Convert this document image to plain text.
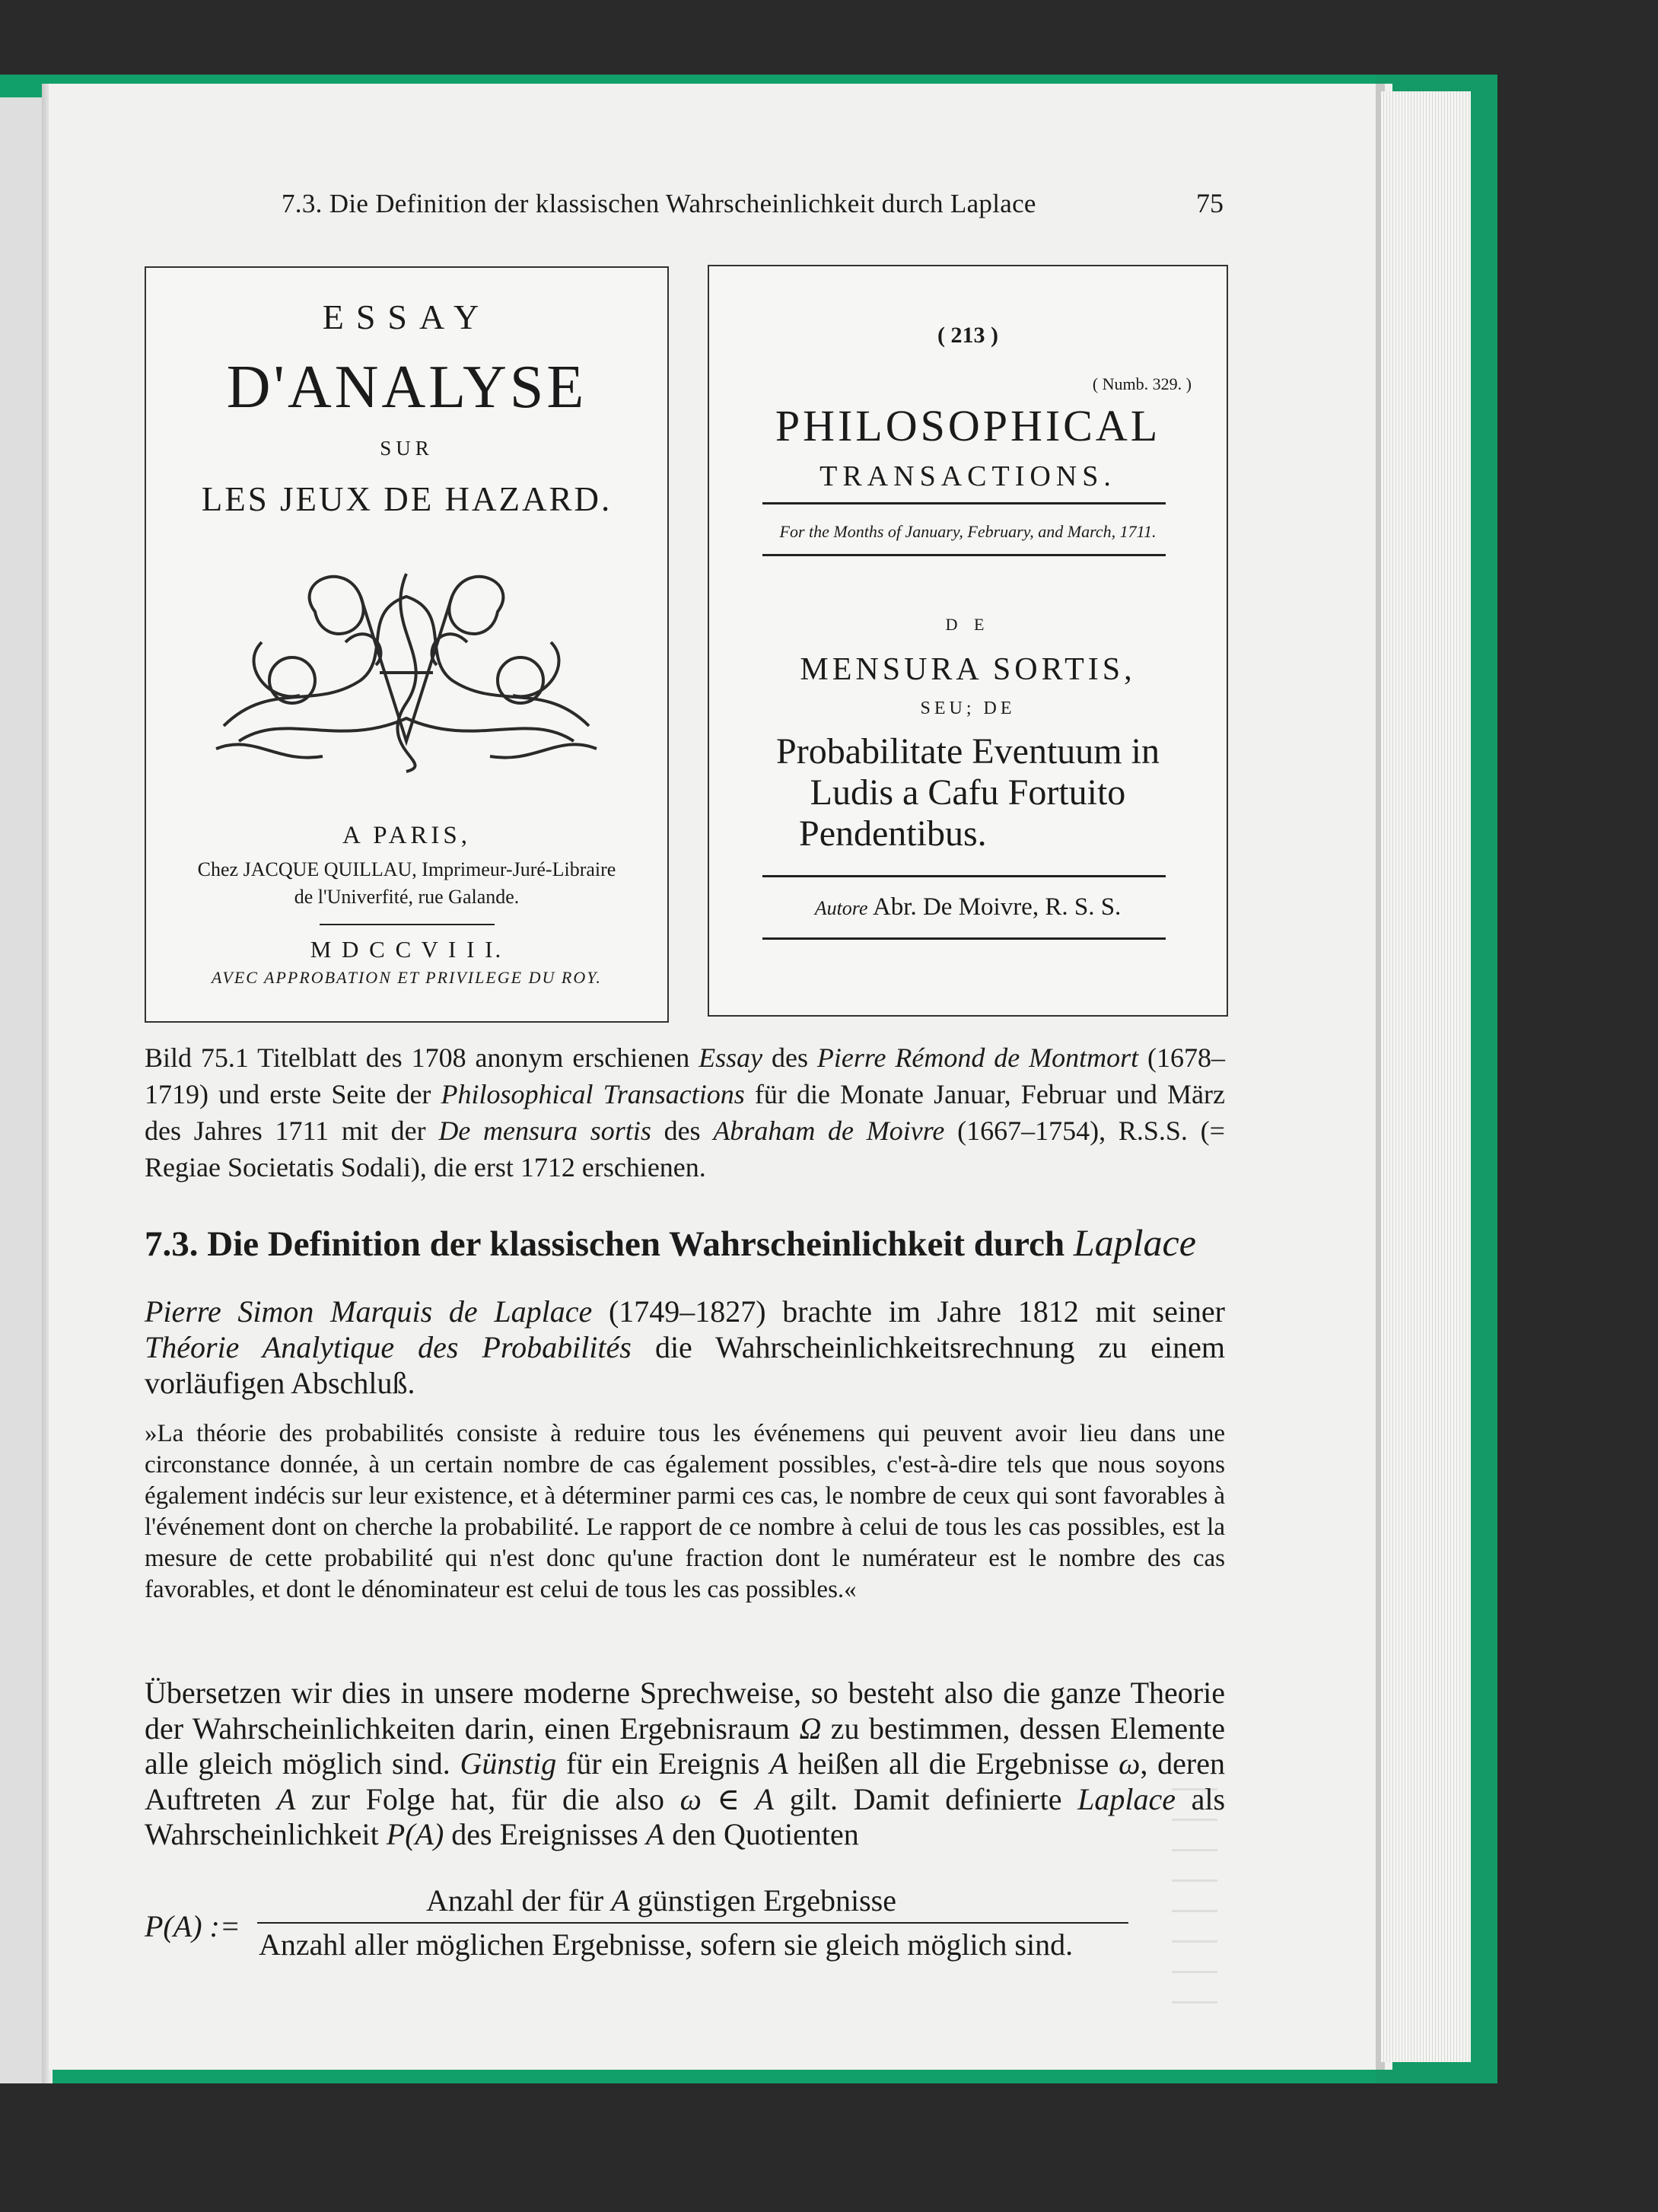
7.3. Die Definition der klassischen Wahrscheinlichkeit durch Laplace	75
ESSAY
D'ANALYSE
SUR
LES JEUX DE HAZARD.
A PARIS,
Chez JACQUE QUILLAU, Imprimeur-Juré-Libraire
de l'Univerfité, rue Galande.
M D C C V I I I.
AVEC APPROBATION ET PRIVILEGE DU ROY.
( 213 )
( Numb. 329. )
PHILOSOPHICAL
TRANSACTIONS.
For the Months of January, February, and March, 1711.
D E
MENSURA SORTIS,
SEU; DE
Probabilitate Eventuum in
Ludis a Cafu Fortuito
Pendentibus.
Autore Abr. De Moivre, R. S. S.
Bild 75.1 Titelblatt des 1708 anonym erschienen Essay des Pierre Rémond de Montmort (1678–1719) und erste Seite der Philosophical Transactions für die Monate Januar, Februar und März des Jahres 1711 mit der De mensura sortis des Abraham de Moivre (1667–1754), R.S.S. (= Regiae Societatis Sodali), die erst 1712 erschienen.
7.3. Die Definition der klassischen Wahrscheinlichkeit durch Laplace
Pierre Simon Marquis de Laplace (1749–1827) brachte im Jahre 1812 mit seiner Théorie Analytique des Probabilités die Wahrscheinlichkeitsrechnung zu einem vorläufigen Abschluß.
»La théorie des probabilités consiste à reduire tous les événemens qui peuvent avoir lieu dans une circonstance donnée, à un certain nombre de cas également possibles, c'est-à-dire tels que nous soyons également indécis sur leur existence, et à déterminer parmi ces cas, le nombre de ceux qui sont favorables à l'événement dont on cherche la probabilité. Le rapport de ce nombre à celui de tous les cas possibles, est la mesure de cette probabilité qui n'est donc qu'une fraction dont le numérateur est le nombre des cas favorables, et dont le dénominateur est celui de tous les cas possibles.«
Übersetzen wir dies in unsere moderne Sprechweise, so besteht also die ganze Theorie der Wahrscheinlichkeiten darin, einen Ergebnisraum Ω zu bestimmen, dessen Elemente alle gleich möglich sind. Günstig für ein Ereignis A heißen all die Ergebnisse ω, deren Auftreten A zur Folge hat, für die also ω ∈ A gilt. Damit definierte Laplace als Wahrscheinlichkeit P(A) des Ereignisses A den Quotienten
P(A) :=
Anzahl der für A günstigen Ergebnisse
Anzahl aller möglichen Ergebnisse, sofern sie gleich möglich sind.
